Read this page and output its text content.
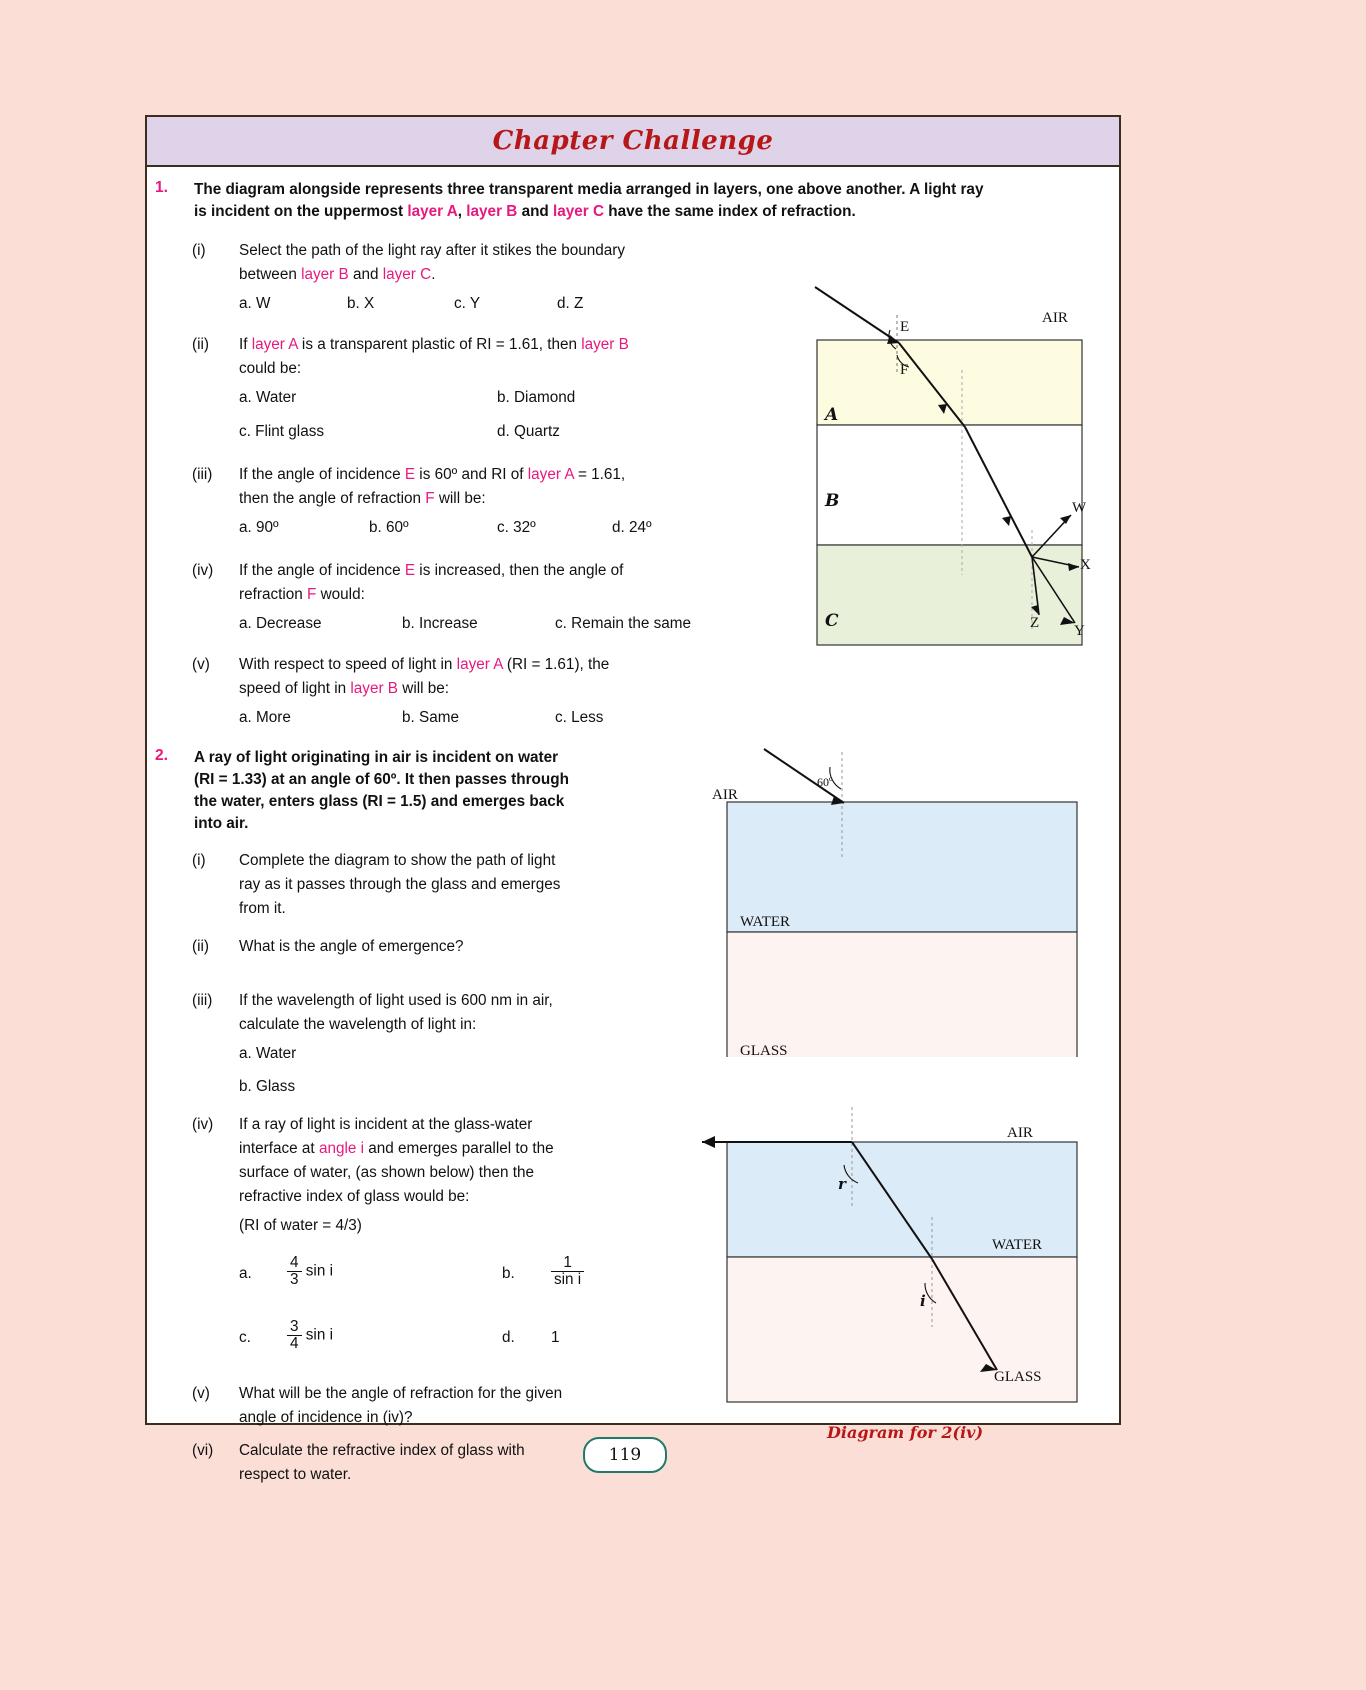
Chapter Challenge
1. The diagram alongside represents three transparent media arranged in layers, one above another. A light ray
is incident on the uppermost layer A, layer B and layer C have the same index of refraction.
(i) Select the path of the light ray after it stikes the boundary
between layer B and layer C.
a. W	b. X	c. Y	d. Z
(ii) If layer A is a transparent plastic of RI = 1.61, then layer B
could be:
a. Water	b. Diamond
c. Flint glass	d. Quartz
(iii) If the angle of incidence E is 60º and RI of layer A = 1.61,
then the angle of refraction F will be:
a. 90º	b. 60º	c. 32º	d. 24º
(iv) If the angle of incidence E is increased, then the angle of
refraction F would:
a. Decrease	b. Increase	c. Remain the same
(v) With respect to speed of light in layer A (RI = 1.61), the
speed of light in layer B will be:
a. More	b. Same	c. Less
A
B
C
E
F
AIR
W
X
Y
Z
2. A ray of light originating in air is incident on water
(RI = 1.33) at an angle of 60º. It then passes through
the water, enters glass (RI = 1.5) and emerges back
into air.
(i) Complete the diagram to show the path of light
ray as it passes through the glass and emerges
from it.
(ii) What is the angle of emergence?
(iii) If the wavelength of light used is 600 nm in air,
calculate the wavelength of light in:
a. Water
b. Glass
(iv) If a ray of light is incident at the glass-water
interface at angle i and emerges parallel to the
surface of water, (as shown below) then the
refractive index of glass would be:
(RI of water = 4/3)
a. $\frac{4}{3}$ sin i	b. $\frac{1}{\text{sin i}}$
c. $\frac{3}{4}$ sin i	d. 1
(v) What will be the angle of refraction for the given
angle of incidence in (iv)?
(vi) Calculate the refractive index of glass with
respect to water.
AIR
60º
WATER
GLASS
AIR
r
i
WATER
GLASS
Diagram for 2(iv)
119
